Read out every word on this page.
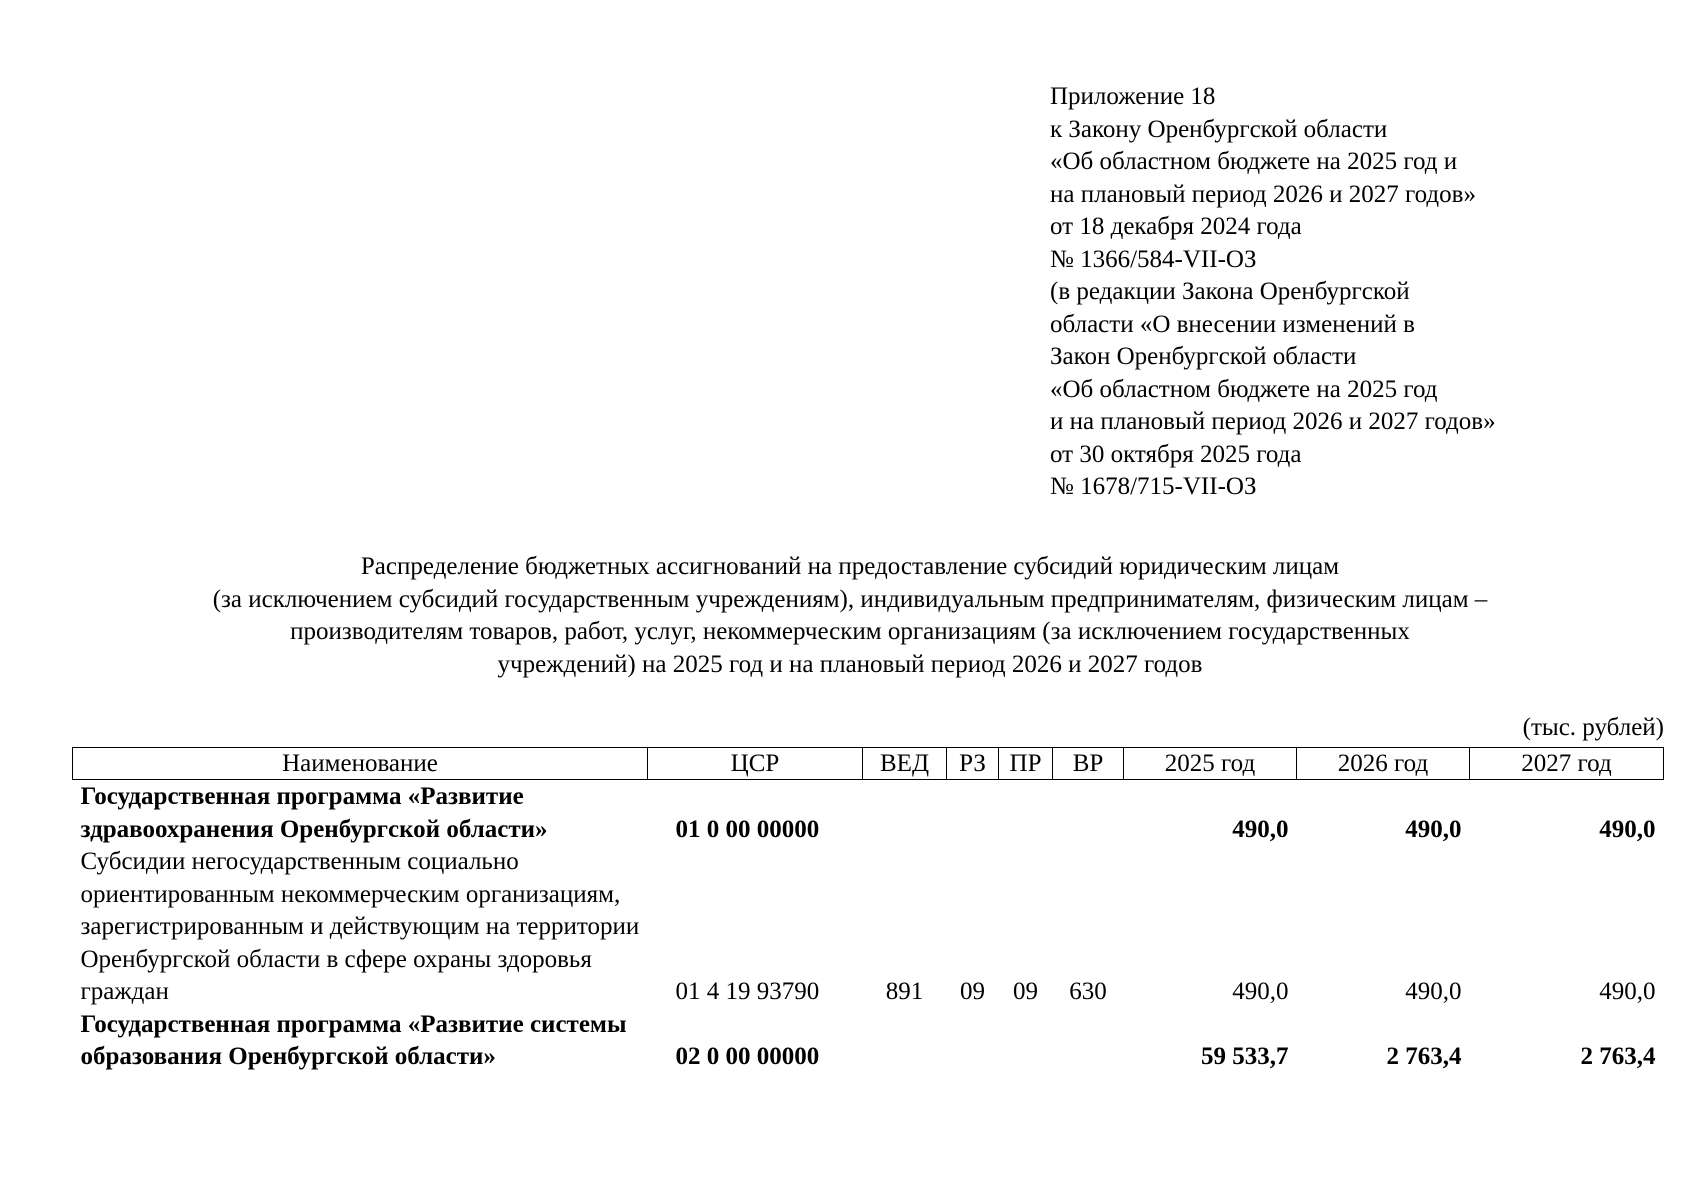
Приложение 18
к Закону Оренбургской области
«Об областном бюджете на 2025 год и
на плановый период 2026 и 2027 годов»
от 18 декабря 2024 года
№ 1366/584-VII-ОЗ
(в редакции Закона Оренбургской
области «О внесении изменений в
Закон Оренбургской области
«Об областном бюджете на 2025 год
и на плановый период 2026 и 2027 годов»
от 30 октября 2025 года
№ 1678/715-VII-ОЗ
Распределение бюджетных ассигнований на предоставление субсидий юридическим лицам
(за исключением субсидий государственным учреждениям), индивидуальным предпринимателям, физическим лицам –
производителям товаров, работ, услуг, некоммерческим организациям (за исключением государственных
учреждений) на 2025 год и на плановый период 2026 и 2027 годов
(тыс. рублей)
Наименование	ЦСР	ВЕД	РЗ	ПР	ВР	2025 год	2026 год	2027 год
Государственная программа «Развитие здравоохранения Оренбургской области»	01 0 00 00000					490,0	490,0	490,0
Субсидии негосударственным социально ориентированным некоммерческим организациям, зарегистрированным и действующим на территории Оренбургской области в сфере охраны здоровья граждан	01 4 19 93790	891	09	09	630	490,0	490,0	490,0
Государственная программа «Развитие системы образования Оренбургской области»	02 0 00 00000					59 533,7	2 763,4	2 763,4
